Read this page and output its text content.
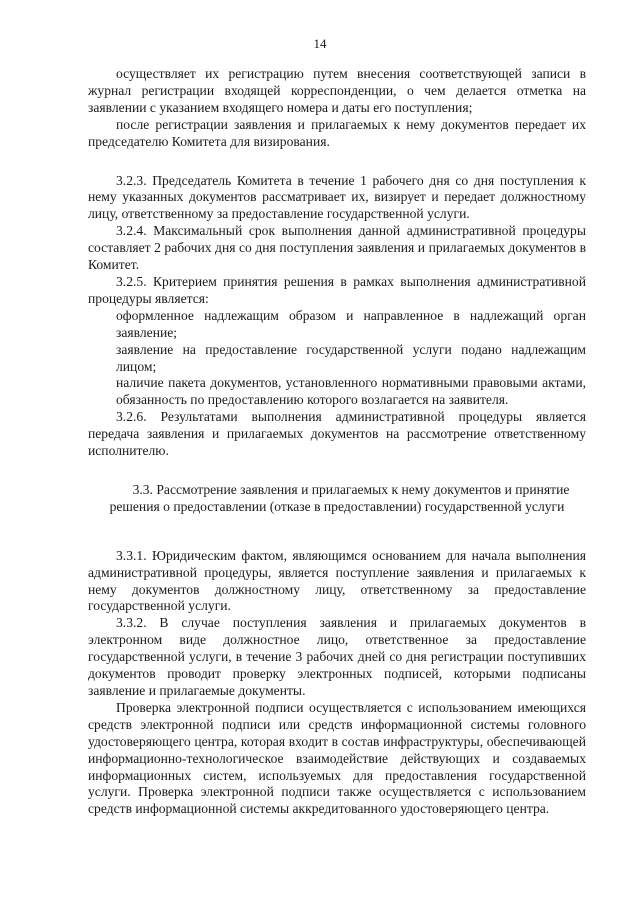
14

осуществляет их регистрацию путем внесения соответствующей записи в журнал регистрации входящей корреспонденции, о чем делается отметка на заявлении с указанием входящего номера и даты его поступления;

после регистрации заявления и прилагаемых к нему документов передает их председателю Комитета для визирования.

3.2.3. Председатель Комитета в течение 1 рабочего дня со дня поступления к нему указанных документов рассматривает их, визирует и передает должностному лицу, ответственному за предоставление государственной услуги.

3.2.4. Максимальный срок выполнения данной административной процедуры составляет 2 рабочих дня со дня поступления заявления и прилагаемых документов в Комитет.

3.2.5. Критерием принятия решения в рамках выполнения административной процедуры является:

оформленное надлежащим образом и направленное в надлежащий орган заявление;

заявление на предоставление государственной услуги подано надлежащим лицом;

наличие пакета документов, установленного нормативными правовыми актами, обязанность по предоставлению которого возлагается на заявителя.

3.2.6. Результатами выполнения административной процедуры является передача заявления и прилагаемых документов на рассмотрение ответственному исполнителю.

3.3. Рассмотрение заявления и прилагаемых к нему документов и принятие решения о предоставлении (отказе в предоставлении) государственной услуги

3.3.1. Юридическим фактом, являющимся основанием для начала выполнения административной процедуры, является поступление заявления и прилагаемых к нему документов должностному лицу, ответственному за предоставление государственной услуги.

3.3.2. В случае поступления заявления и прилагаемых документов в электронном виде должностное лицо, ответственное за предоставление государственной услуги, в течение 3 рабочих дней со дня регистрации поступивших документов проводит проверку электронных подписей, которыми подписаны заявление и прилагаемые документы.

Проверка электронной подписи осуществляется с использованием имеющихся средств электронной подписи или средств информационной системы головного удостоверяющего центра, которая входит в состав инфраструктуры, обеспечивающей информационно-технологическое взаимодействие действующих и создаваемых информационных систем, используемых для предоставления государственной услуги. Проверка электронной подписи также осуществляется с использованием средств информационной системы аккредитованного удостоверяющего центра.
